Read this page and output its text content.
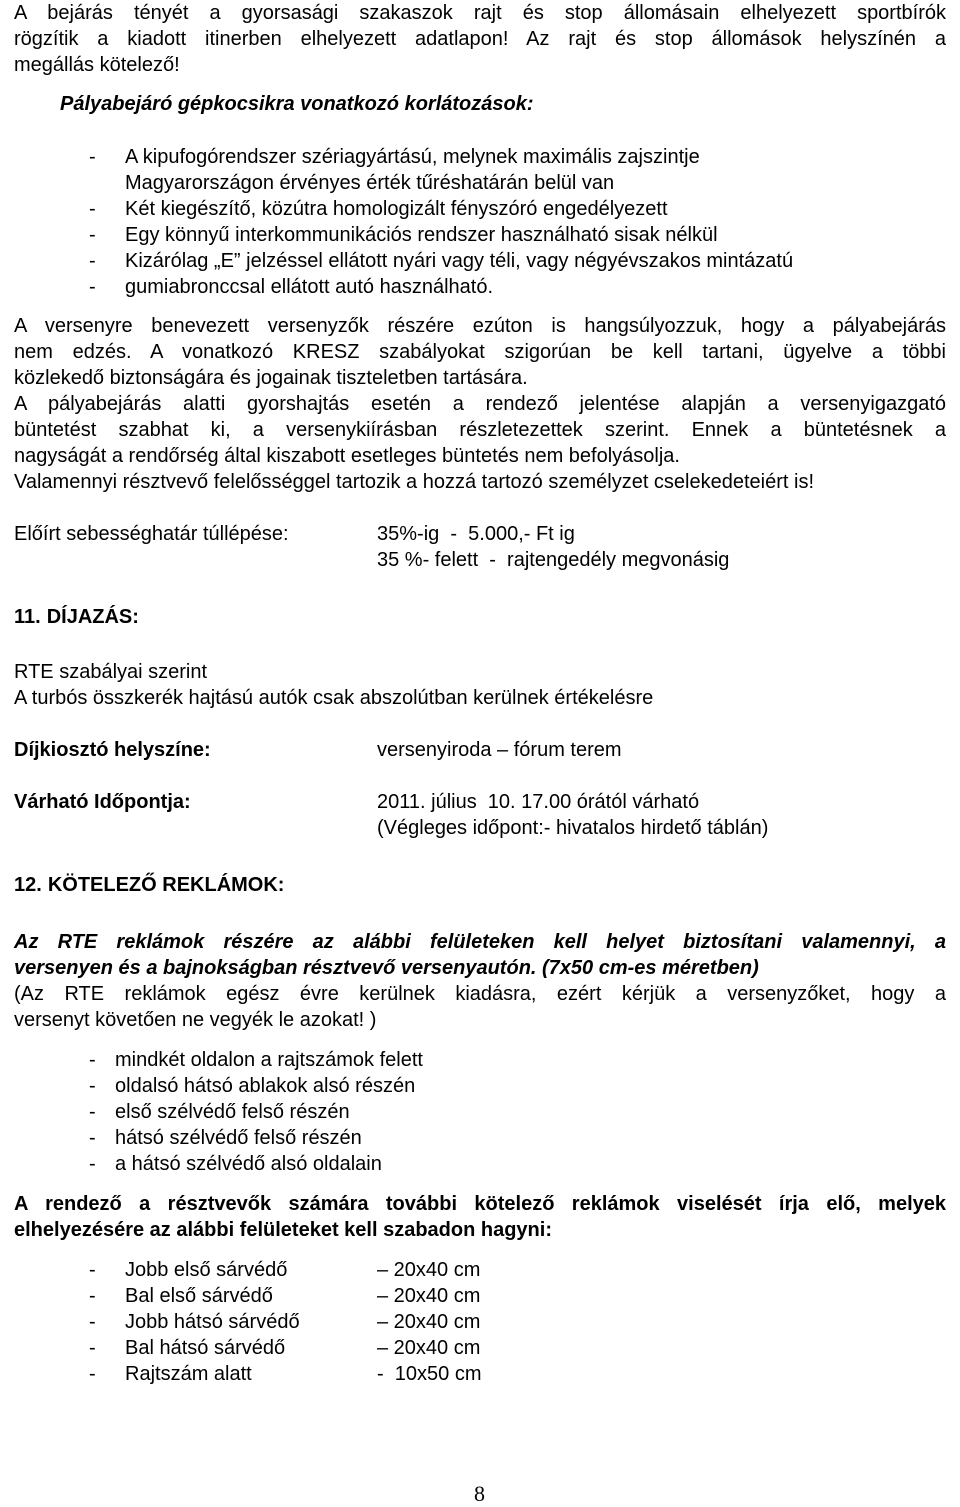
A bejárás tényét a gyorsasági szakaszok rajt és stop állomásain elhelyezett sportbírók
rögzítik a kiadott itinerben elhelyezett adatlapon! Az rajt és stop állomások helyszínén a
megállás kötelező!
Pályabejáró gépkocsikra vonatkozó korlátozások:
- A kipufogórendszer szériagyártású, melynek maximális zajszintje
Magyarországon érvényes érték tűréshatárán belül van
- Két kiegészítő, közútra homologizált fényszóró engedélyezett
- Egy könnyű interkommunikációs rendszer használható sisak nélkül
- Kizárólag „E” jelzéssel ellátott nyári vagy téli, vagy négyévszakos mintázatú
- gumiabronccsal ellátott autó használható.
A versenyre benevezett versenyzők részére ezúton is hangsúlyozzuk, hogy a pályabejárás
nem edzés. A vonatkozó KRESZ szabályokat szigorúan be kell tartani, ügyelve a többi
közlekedő biztonságára és jogainak tiszteletben tartására.
A pályabejárás alatti gyorshajtás esetén a rendező jelentése alapján a versenyigazgató
büntetést szabhat ki, a versenykiírásban részletezettek szerint. Ennek a büntetésnek a
nagyságát a rendőrség által kiszabott esetleges büntetés nem befolyásolja.
Valamennyi résztvevő felelősséggel tartozik a hozzá tartozó személyzet cselekedeteiért is!
Előírt sebességhatár túllépése:	35%-ig  -  5.000,- Ft ig
35 %- felett  -  rajtengedély megvonásig
11. DÍJAZÁS:
RTE szabályai szerint
A turbós összkerék hajtású autók csak abszolútban kerülnek értékelésre
Díjkiosztó helyszíne:	versenyiroda – fórum terem
Várható Időpontja:	2011. július  10. 17.00 órától várható
(Végleges időpont:- hivatalos hirdető táblán)
12. KÖTELEZŐ REKLÁMOK:
Az RTE reklámok részére az alábbi felületeken kell helyet biztosítani valamennyi, a
versenyen és a bajnokságban résztvevő versenyautón. (7x50 cm-es méretben)
(Az RTE reklámok egész évre kerülnek kiadásra, ezért kérjük a versenyzőket, hogy a
versenyt követően ne vegyék le azokat! )
- mindkét oldalon a rajtszámok felett
- oldalsó hátsó ablakok alsó részén
- első szélvédő felső részén
- hátsó szélvédő felső részén
- a hátsó szélvédő alsó oldalain
A rendező a résztvevők számára további kötelező reklámok viselését írja elő, melyek
elhelyezésére az alábbi felületeket kell szabadon hagyni:
- Jobb első sárvédő	– 20x40 cm
- Bal első sárvédő	– 20x40 cm
- Jobb hátsó sárvédő	– 20x40 cm
- Bal hátsó sárvédő	– 20x40 cm
- Rajtszám alatt	-  10x50 cm
8
